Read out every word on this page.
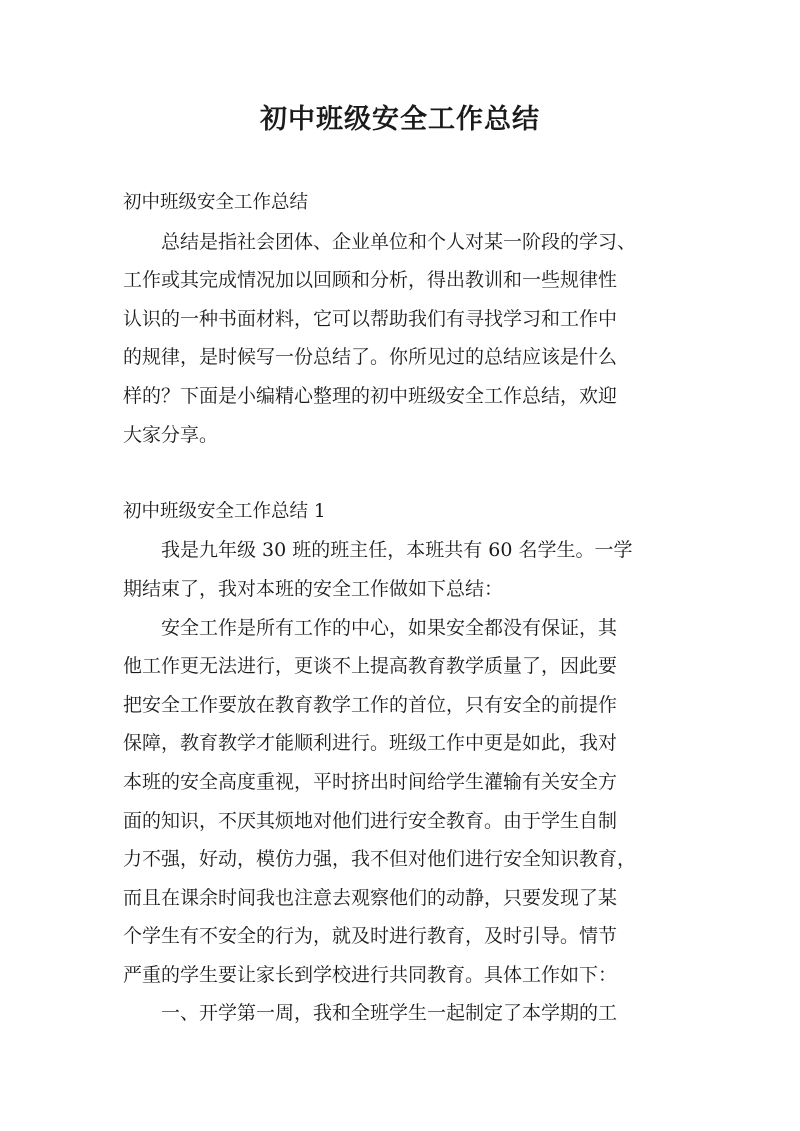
初中班级安全工作总结

初中班级安全工作总结

　　总结是指社会团体、企业单位和个人对某一阶段的学习、

工作或其完成情况加以回顾和分析，得出教训和一些规律性

认识的一种书面材料，它可以帮助我们有寻找学习和工作中

的规律，是时候写一份总结了。你所见过的总结应该是什么

样的？下面是小编精心整理的初中班级安全工作总结，欢迎

大家分享。

初中班级安全工作总结 1

　　我是九年级 30 班的班主任，本班共有 60 名学生。一学

期结束了，我对本班的安全工作做如下总结：

　　安全工作是所有工作的中心，如果安全都没有保证，其

他工作更无法进行，更谈不上提高教育教学质量了，因此要

把安全工作要放在教育教学工作的首位，只有安全的前提作

保障，教育教学才能顺利进行。班级工作中更是如此，我对

本班的安全高度重视，平时挤出时间给学生灌输有关安全方

面的知识，不厌其烦地对他们进行安全教育。由于学生自制

力不强，好动，模仿力强，我不但对他们进行安全知识教育，

而且在课余时间我也注意去观察他们的动静，只要发现了某

个学生有不安全的行为，就及时进行教育，及时引导。情节

严重的学生要让家长到学校进行共同教育。具体工作如下：

　　一、开学第一周，我和全班学生一起制定了本学期的工
